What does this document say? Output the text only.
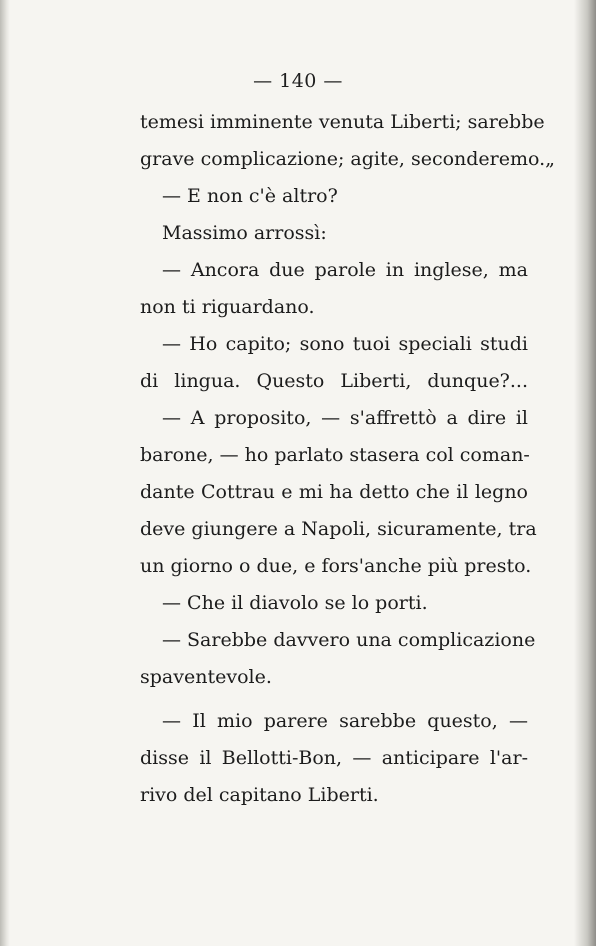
— 140 —
temesi imminente venuta Liberti; sarebbe
grave complicazione; agite, seconderemo.„
— E non c'è altro?
Massimo arrossì:
— Ancora due parole in inglese, ma
non ti riguardano.
— Ho capito; sono tuoi speciali studi
di lingua. Questo Liberti, dunque?...
— A proposito, — s'affrettò a dire il
barone, — ho parlato stasera col coman-
dante Cottrau e mi ha detto che il legno
deve giungere a Napoli, sicuramente, tra
un giorno o due, e fors'anche più presto.
— Che il diavolo se lo porti.
— Sarebbe davvero una complicazione
spaventevole.
— Il mio parere sarebbe questo, —
disse il Bellotti-Bon, — anticipare l'ar-
rivo del capitano Liberti.
